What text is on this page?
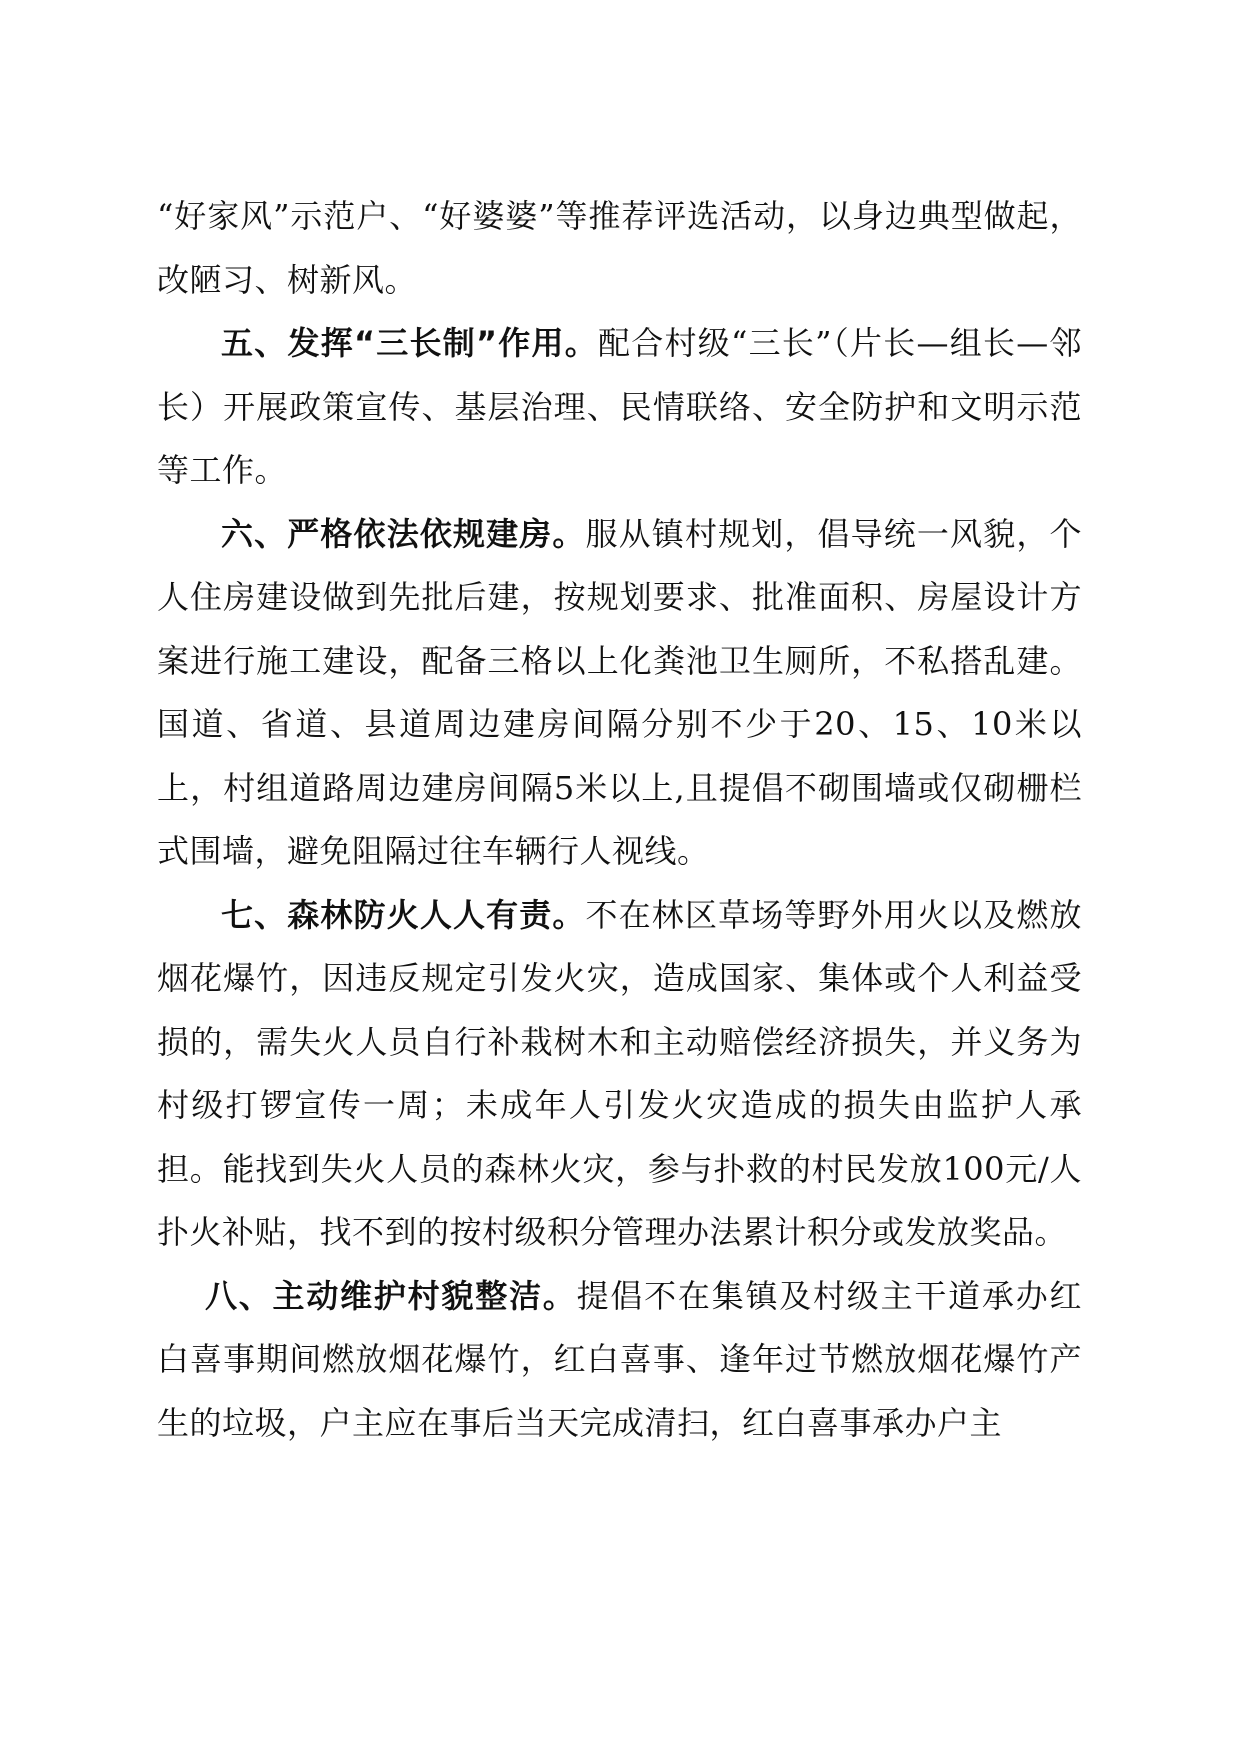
“好家风”示范户、“好婆婆”等推荐评选活动，以身边典型做起，改陋习、树新风。

五、发挥“三长制”作用。配合村级“三长”（片长—组长—邻长）开展政策宣传、基层治理、民情联络、安全防护和文明示范等工作。

六、严格依法依规建房。服从镇村规划，倡导统一风貌，个人住房建设做到先批后建，按规划要求、批准面积、房屋设计方案进行施工建设，配备三格以上化粪池卫生厕所，不私搭乱建。国道、省道、县道周边建房间隔分别不少于20、15、10米以上，村组道路周边建房间隔5米以上,且提倡不砌围墙或仅砌栅栏式围墙，避免阻隔过往车辆行人视线。

七、森林防火人人有责。不在林区草场等野外用火以及燃放烟花爆竹，因违反规定引发火灾，造成国家、集体或个人利益受损的，需失火人员自行补栽树木和主动赔偿经济损失，并义务为村级打锣宣传一周；未成年人引发火灾造成的损失由监护人承担。能找到失火人员的森林火灾，参与扑救的村民发放100元/人扑火补贴，找不到的按村级积分管理办法累计积分或发放奖品。

八、主动维护村貌整洁。提倡不在集镇及村级主干道承办红白喜事期间燃放烟花爆竹，红白喜事、逢年过节燃放烟花爆竹产生的垃圾，户主应在事后当天完成清扫，红白喜事承办户主
